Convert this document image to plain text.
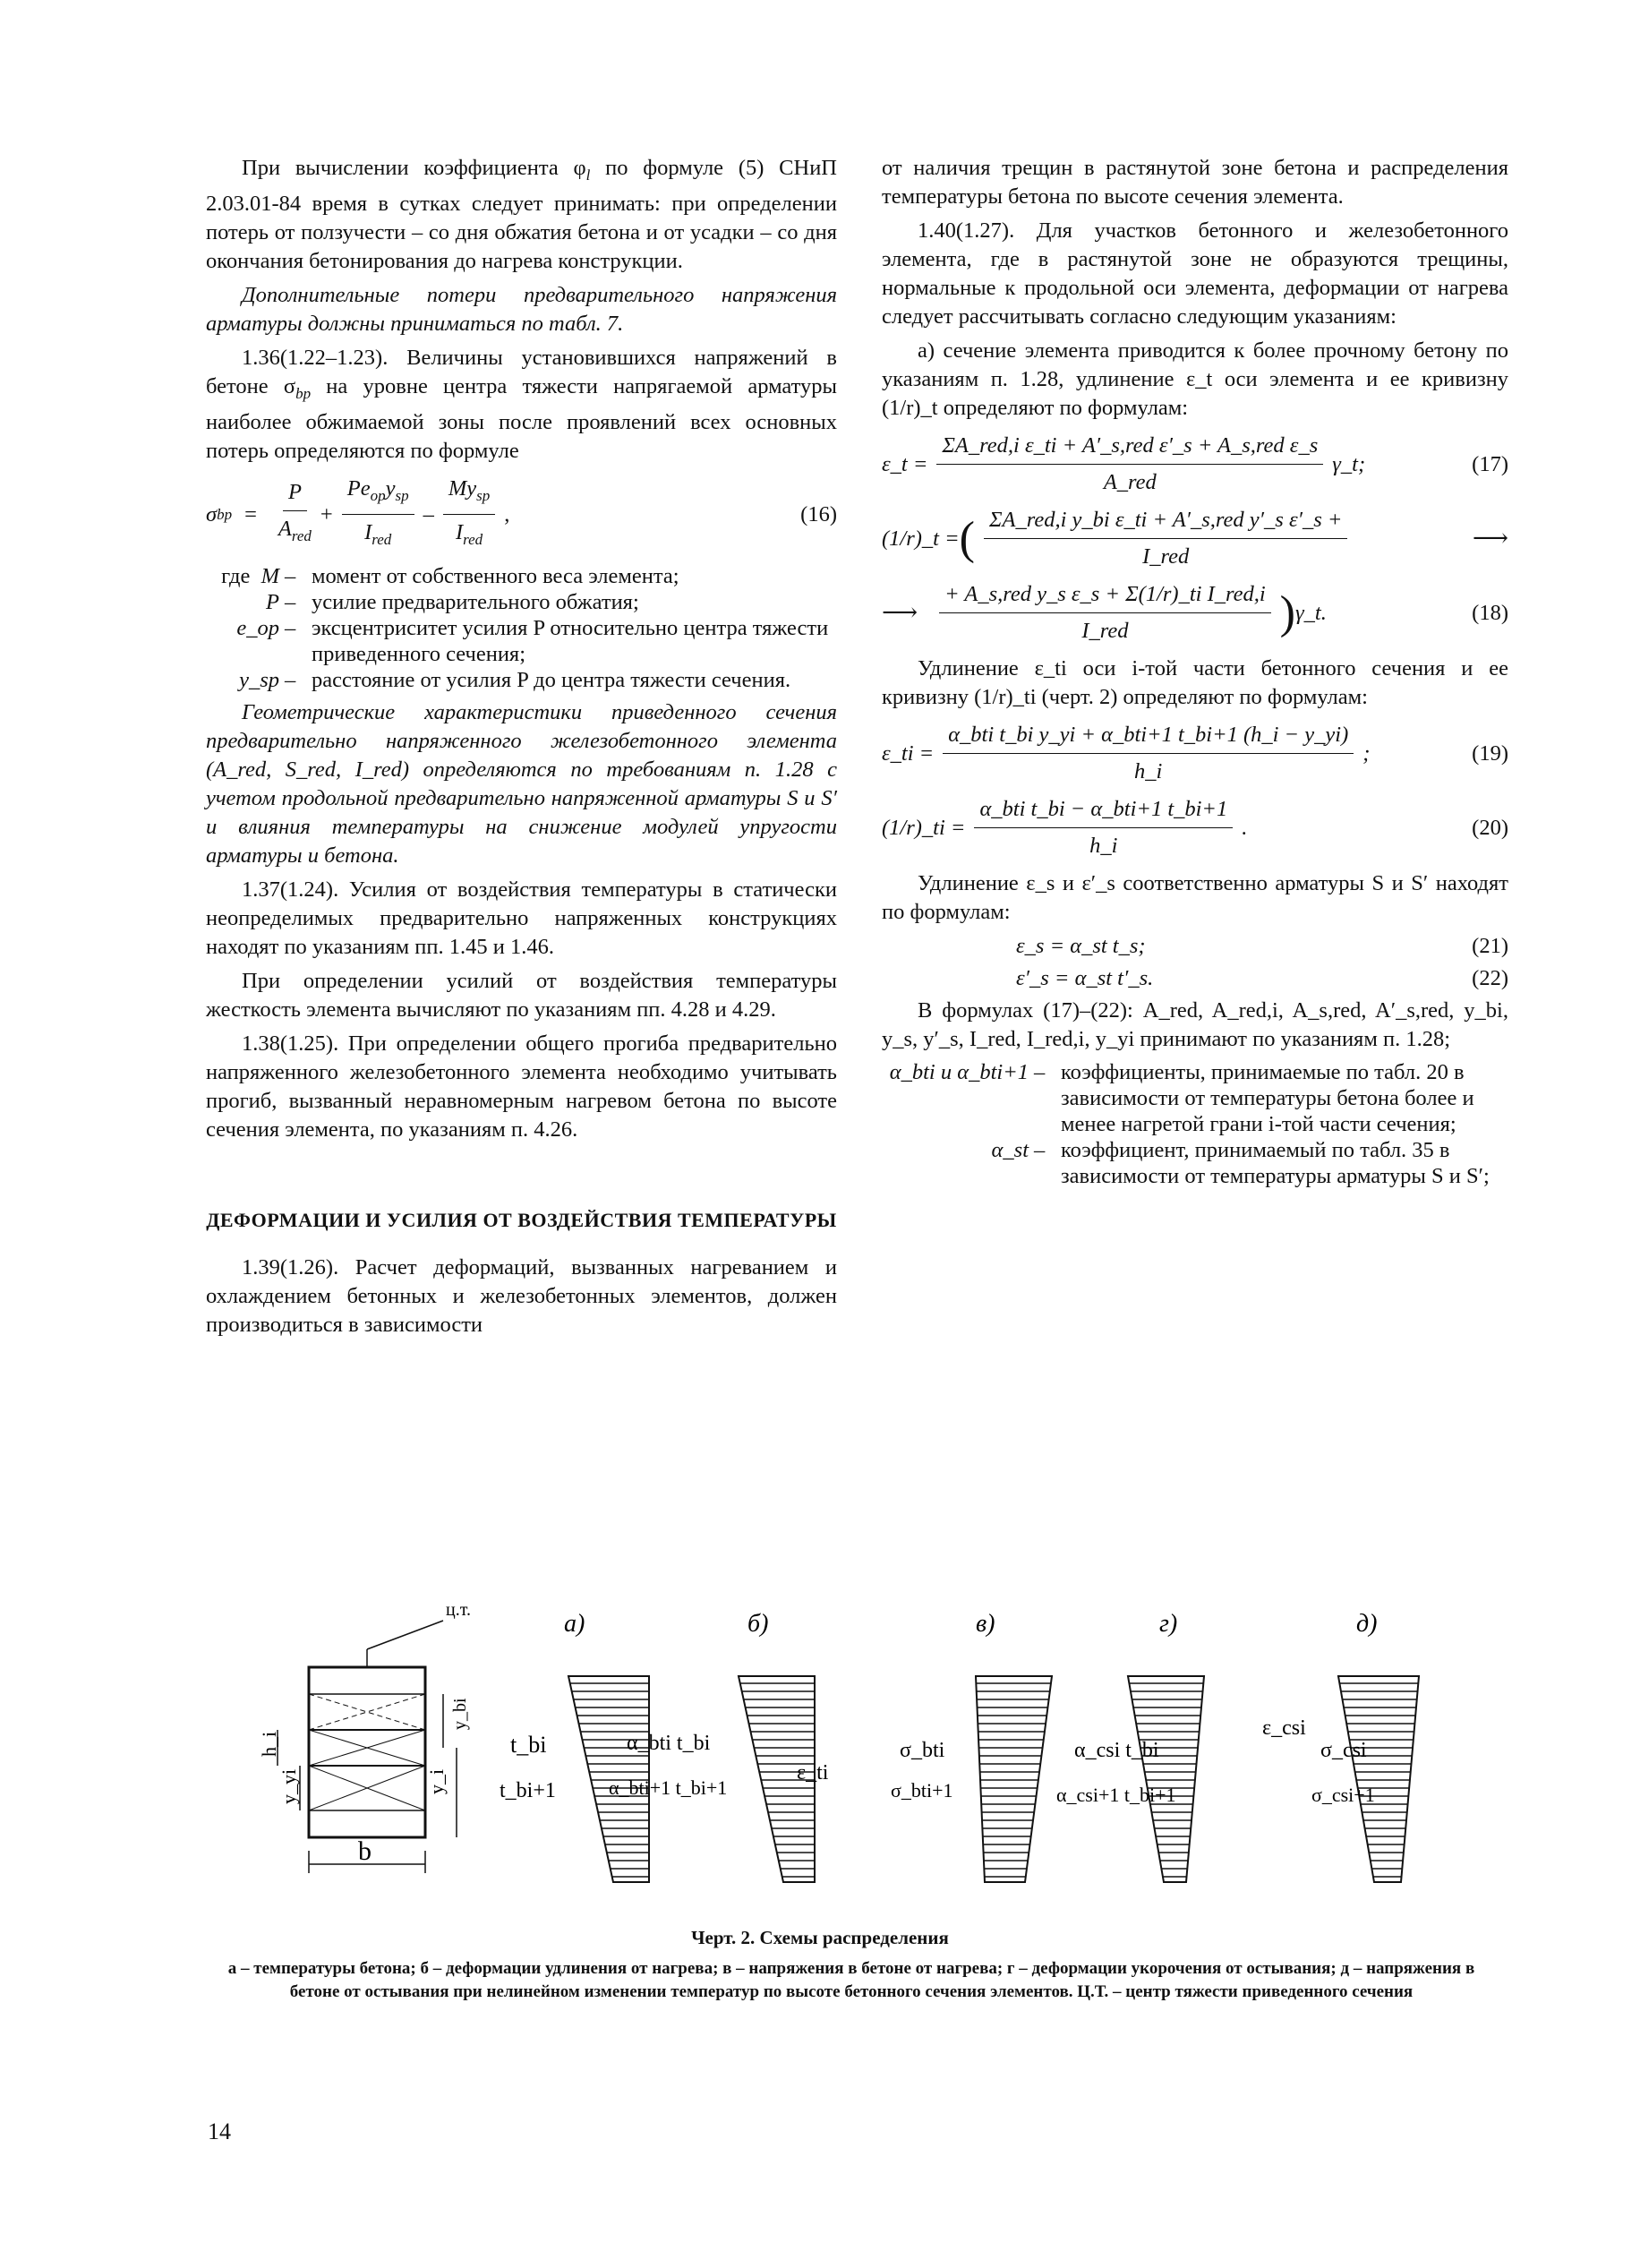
При вычислении коэффициента $\varphi_l$ по формуле (5) СНиП 2.03.01-84 время в сутках следует принимать: при определении потерь от ползучести – со дня обжатия бетона и от усадки – со дня окончания бетонирования до нагрева конструкции.

Дополнительные потери предварительного напряжения арматуры должны приниматься по табл. 7.

1.36(1.22–1.23). Величины установившихся напряжений в бетоне $\sigma_{bp}$ на уровне центра тяжести напрягаемой арматуры наиболее обжимаемой зоны после проявлений всех основных потерь определяются по формуле

σ bp = $\frac{P}{A_{red}} + \frac{Pe_{op}y_{sp}}{I_{red}} - \frac{My_{sp}}{I_{red}}$ ,	(16)
где M – момент от собственного веса элемента;
P – усилие предварительного обжатия;
e_op – эксцентриситет усилия P относительно центра тяжести приведенного сечения;
y_sp – расстояние от усилия P до центра тяжести сечения.

Геометрические характеристики приведенного сечения предварительно напряженного железобетонного элемента (A_red, S_red, I_red) определяются по требованиям п. 1.28 с учетом продольной предварительно напряженной арматуры S и S′ и влияния температуры на снижение модулей упругости арматуры и бетона.

1.37(1.24). Усилия от воздействия температуры в статически неопределимых предварительно напряженных конструкциях находят по указаниям пп. 1.45 и 1.46.

При определении усилий от воздействия температуры жесткость элемента вычисляют по указаниям пп. 4.28 и 4.29.

1.38(1.25). При определении общего прогиба предварительно напряженного железобетонного элемента необходимо учитывать прогиб, вызванный неравномерным нагревом бетона по высоте сечения элемента, по указаниям п. 4.26.

ДЕФОРМАЦИИ И УСИЛИЯ ОТ ВОЗДЕЙСТВИЯ ТЕМПЕРАТУРЫ

1.39(1.26). Расчет деформаций, вызванных нагреванием и охлаждением бетонных и железобетонных элементов, должен производиться в зависимости

от наличия трещин в растянутой зоне бетона и распределения температуры бетона по высоте сечения элемента.

1.40(1.27). Для участков бетонного и железобетонного элемента, где в растянутой зоне не образуются трещины, нормальные к продольной оси элемента, деформации от нагрева следует рассчитывать согласно следующим указаниям:

а) сечение элемента приводится к более прочному бетону по указаниям п. 1.28, удлинение ε_t оси элемента и ее кривизну (1/r)_t определяют по формулам:

ε_t = $\frac{\text{ΣA\_red,i ε\_ti + A′\_s,red ε′\_s + A\_s,red ε\_s}}{\text{A\_red}}$ γ_t;	(17)
(1/r)_t = ( $\frac{\text{ΣA\_red,i y\_bi ε\_ti + A′\_s,red y′\_s ε′\_s +}}{\text{I\_red}}$	⟶
⟶ $\frac{\text{+ A\_s,red y\_s ε\_s + Σ(1/r)\_ti I\_red,i}}{\text{I\_red}}$ ) γ_t.	(18)

Удлинение ε_ti оси i-той части бетонного сечения и ее кривизну (1/r)_ti (черт. 2) определяют по формулам:

ε_ti = $\frac{\text{α\_bti t\_bi y\_yi + α\_bti+1 t\_bi+1 (h\_i − y\_yi)}}{h\_i}$ ;	(19)
(1/r)_ti = $\frac{\text{α\_bti t\_bi − α\_bti+1 t\_bi+1}}{h\_i}$ .	(20)

Удлинение ε_s и ε′_s соответственно арматуры S и S′ находят по формулам:

ε_s = α_st t_s;	(21)
ε′_s = α_st t′_s.	(22)

В формулах (17)–(22): A_red, A_red,i, A_s,red, A′_s,red, y_bi, y_s, y′_s, I_red, I_red,i, y_yi принимают по указаниям п. 1.28;

α_bti и α_bti+1 – коэффициенты, принимаемые по табл. 20 в зависимости от температуры бетона более и менее нагретой грани i-той части сечения;
α_st – коэффициент, принимаемый по табл. 35 в зависимости от температуры арматуры S и S′;
ц.т.
b
h_i
y_yi
y_bi
y_i
а)
t_bi
t_bi+1
б)
α_bti t_bi
α_bti+1 t_bi+1
ε_ti
в)
σ_bti
σ_bti+1
г)
α_csi t_bi
α_csi+1 t_bi+1
ε_csi
д)
σ_csi
σ_csi+1
Черт. 2. Схемы распределения
а – температуры бетона; б – деформации удлинения от нагрева; в – напряжения в бетоне от нагрева; г – деформации укорочения от остывания; д – напряжения в бетоне от остывания при нелинейном изменении температур по высоте бетонного сечения элементов. Ц.Т. – центр тяжести приведенного сечения
14
